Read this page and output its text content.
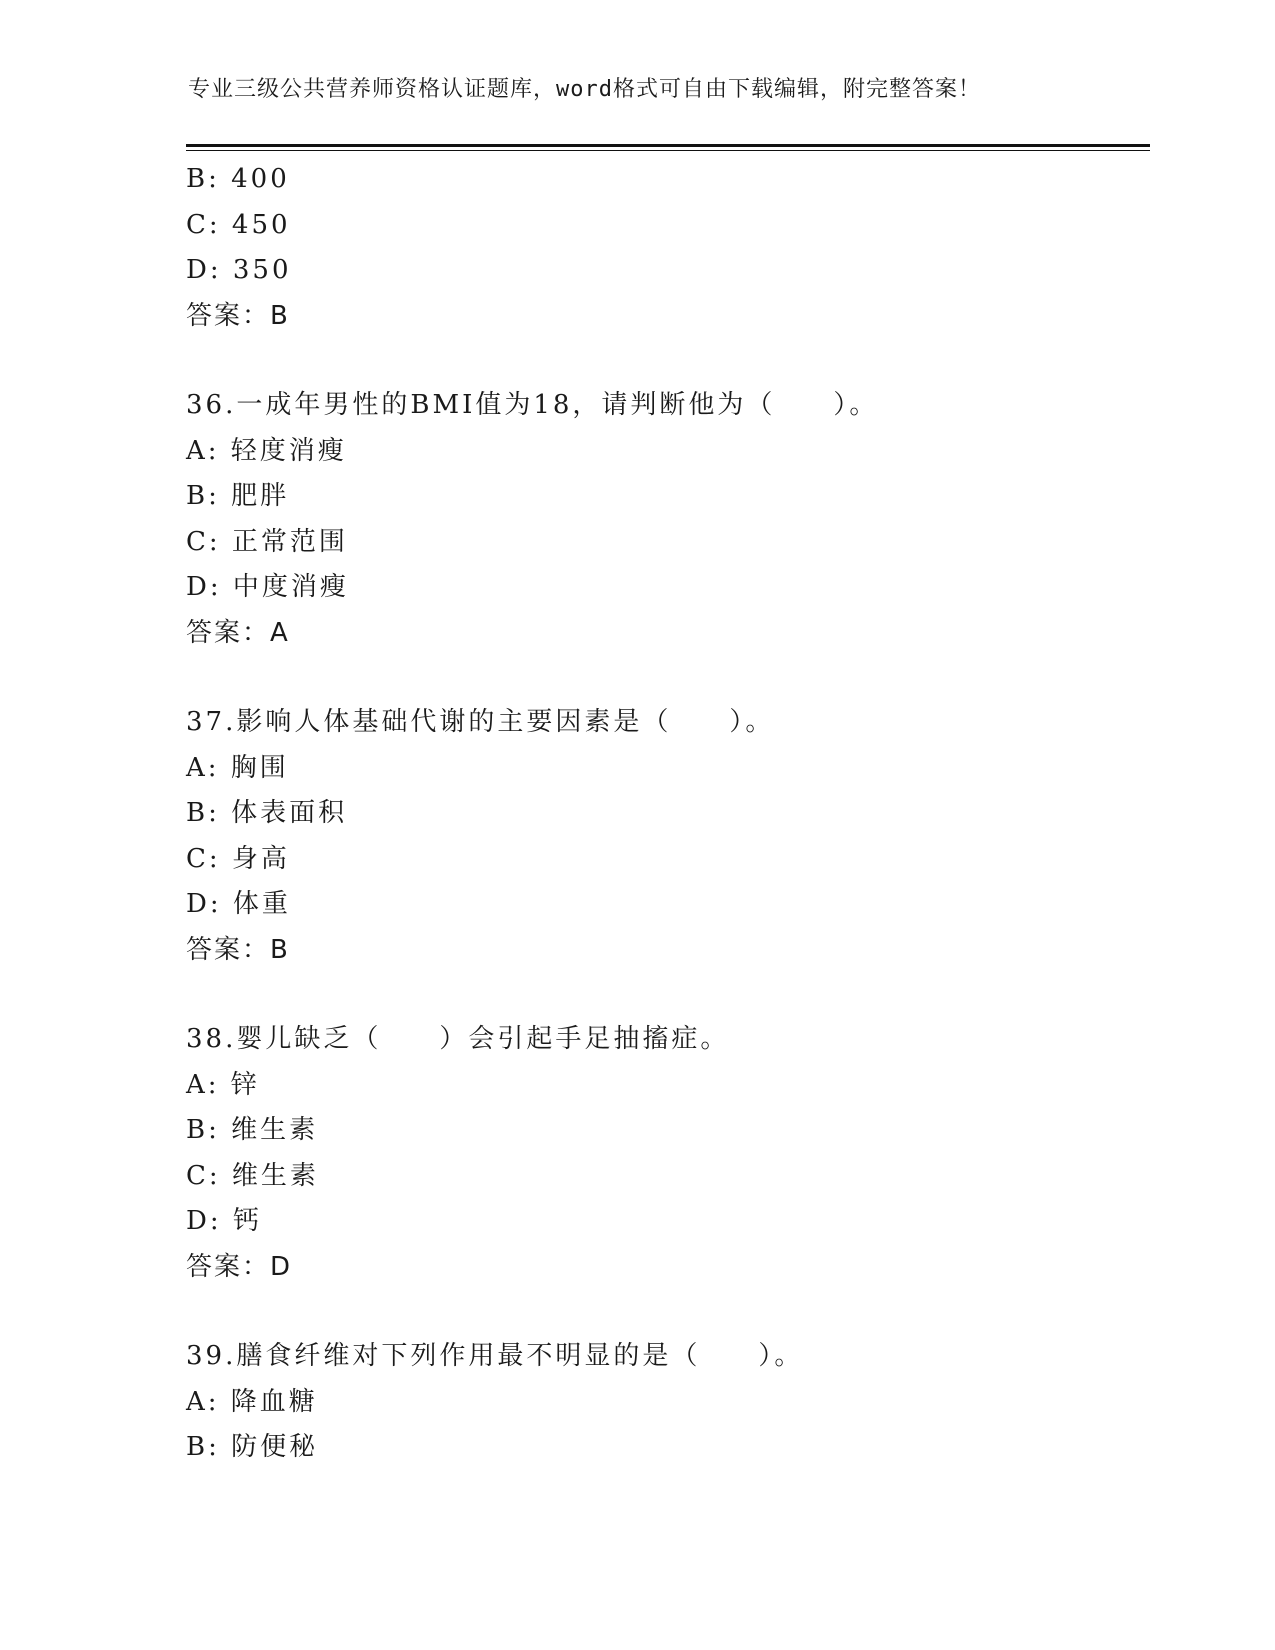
专业三级公共营养师资格认证题库，word格式可自由下载编辑，附完整答案！
B: 400
C: 450
D: 350
答案：B
36.一成年男性的BMI值为18，请判断他为（　　）。
A: 轻度消瘦
B: 肥胖
C: 正常范围
D: 中度消瘦
答案：A
37.影响人体基础代谢的主要因素是（　　）。
A: 胸围
B: 体表面积
C: 身高
D: 体重
答案：B
38.婴儿缺乏（　　）会引起手足抽搐症。
A: 锌
B: 维生素
C: 维生素
D: 钙
答案：D
39.膳食纤维对下列作用最不明显的是（　　）。
A: 降血糖
B: 防便秘
